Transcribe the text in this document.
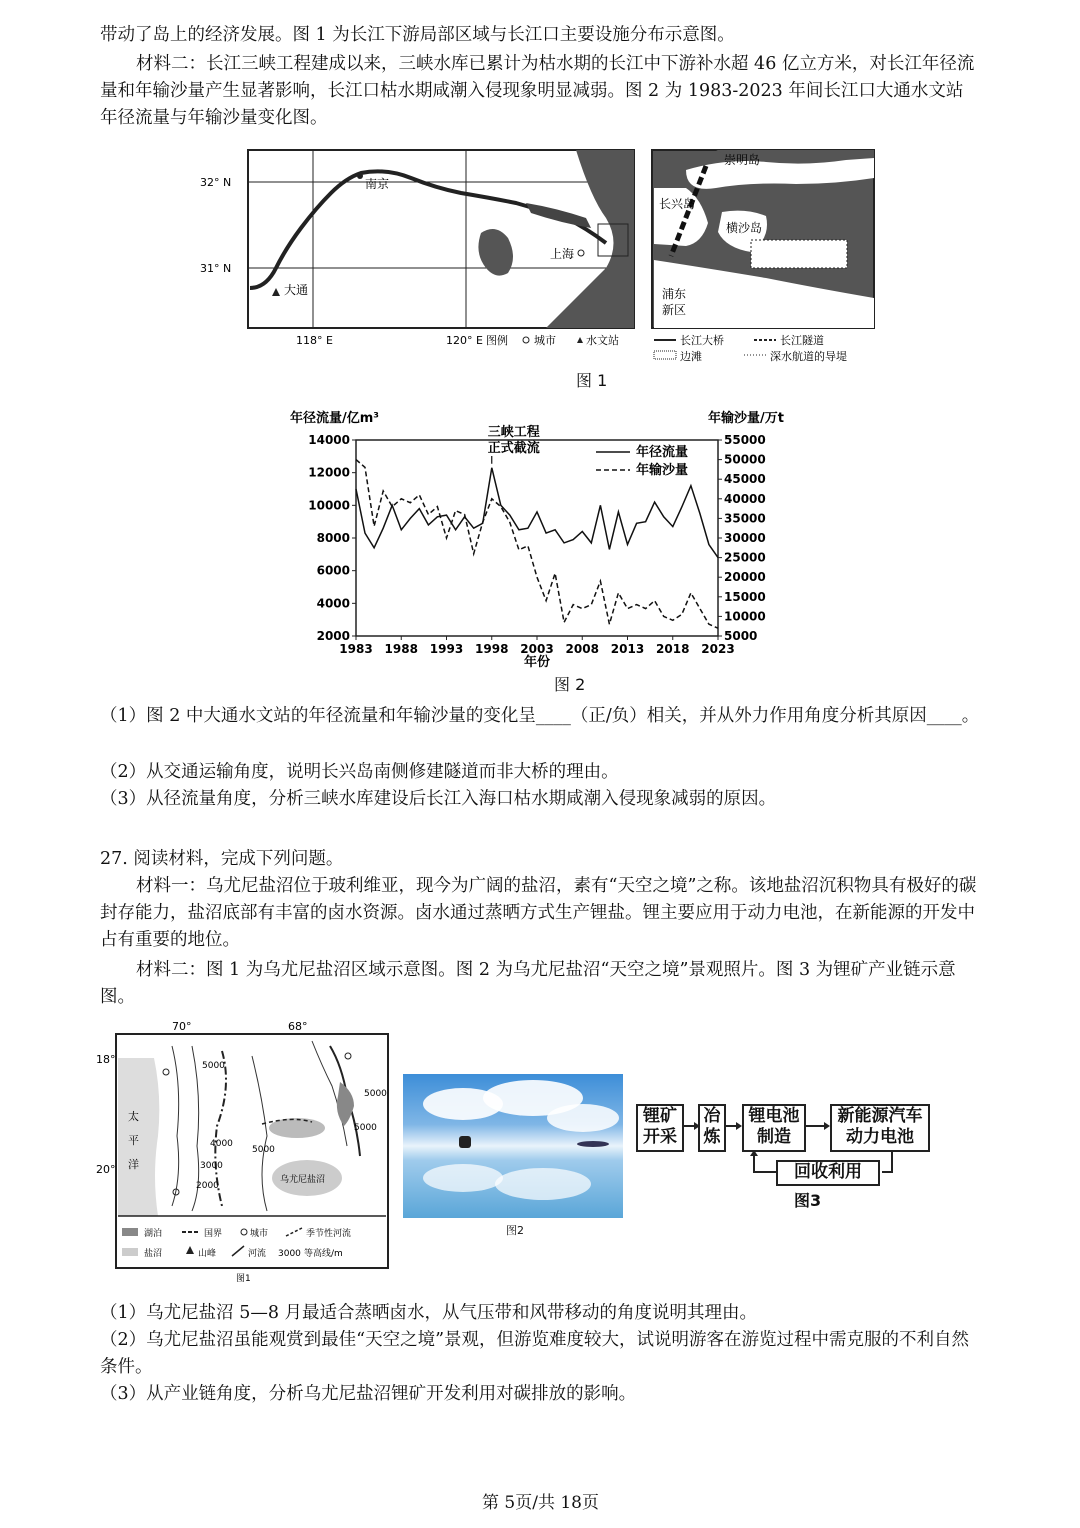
带动了岛上的经济发展。图 1 为长江下游局部区域与长江口主要设施分布示意图。

材料二：长江三峡工程建成以来，三峡水库已累计为枯水期的长江中下游补水超 46 亿立方米，对长江年径流量和年输沙量产生显著影响，长江口枯水期咸潮入侵现象明显减弱。图 2 为 1983-2023 年间长江口大通水文站年径流量与年输沙量变化图。

南京
上海
大通
32° N
31° N
118° E	120° E 图例 城市	水文站
崇明岛
长兴岛
横沙岛
浦东
新区
长江大桥	长江隧道
边滩	深水航道的导堤
图 1
年径流量/亿m³	年输沙量/万t
年份
1983 1988 1993 1998 2003 2008 2013 2018 2023
14000
12000
10000
8000
6000
4000
2000
55000
50000
45000
40000
35000
30000
25000
20000
15000
10000
5000
三峡工程
正式截流	年径流量
年输沙量
图 2

（1）图 2 中大通水文站的年径流量和年输沙量的变化呈____（正/负）相关，并从外力作用角度分析其原因____。

（2）从交通运输角度，说明长兴岛南侧修建隧道而非大桥的理由。

（3）从径流量角度，分析三峡水库建设后长江入海口枯水期咸潮入侵现象减弱的原因。

27. 阅读材料，完成下列问题。

材料一：乌尤尼盐沼位于玻利维亚，现今为广阔的盐沼，素有“天空之境”之称。该地盐沼沉积物具有极好的碳封存能力，盐沼底部有丰富的卤水资源。卤水通过蒸晒方式生产锂盐。锂主要应用于动力电池，在新能源的开发中占有重要的地位。

材料二：图 1 为乌尤尼盐沼区域示意图。图 2 为乌尤尼盐沼“天空之境”景观照片。图 3 为锂矿产业链示意图。

70°	68°
18°
20°
太
平
洋
5000
5000
5000
5000
4000
3000
2000
乌尤尼盐沼
湖泊	国界	城市	季节性河流
盐沼	山峰	河流 3000 等高线/m
图1
图2
锂矿
开采
冶
炼
锂电池
制造
新能源汽车
动力电池
回收利用
图3

（1）乌尤尼盐沼 5—8 月最适合蒸晒卤水，从气压带和风带移动的角度说明其理由。

（2）乌尤尼盐沼虽能观赏到最佳“天空之境”景观，但游览难度较大，试说明游客在游览过程中需克服的不利自然条件。

（3）从产业链角度，分析乌尤尼盐沼锂矿开发利用对碳排放的影响。

第 5页/共 18页
